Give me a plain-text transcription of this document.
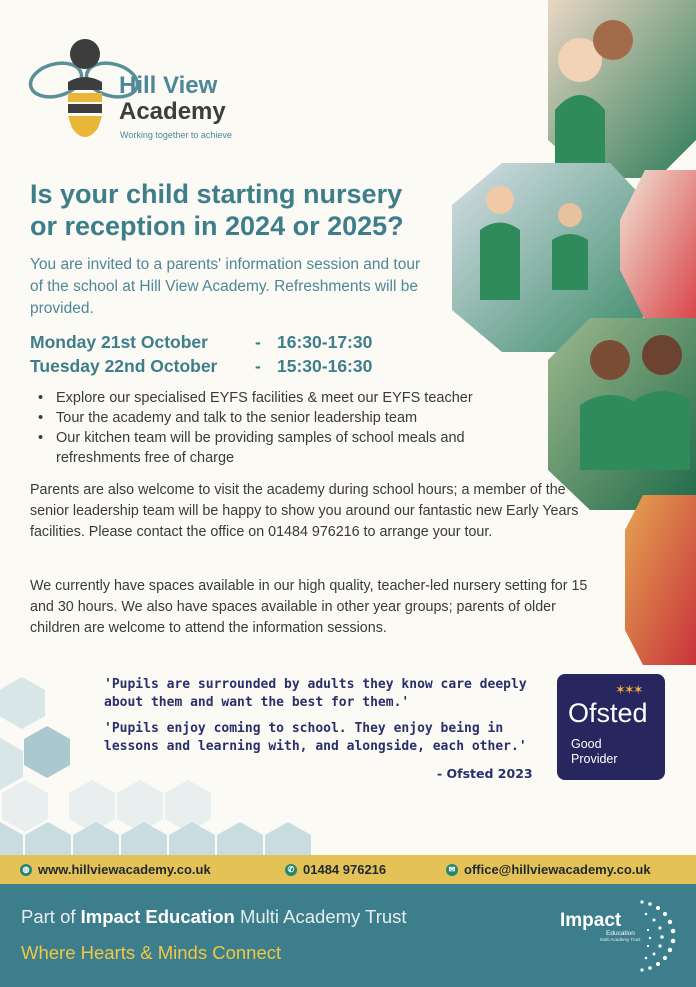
Hill View
Academy
Working together to achieve
Is your child starting nursery or reception in 2024 or 2025?

You are invited to a parents' information session and tour of the school at Hill View Academy. Refreshments will be provided.

Monday 21st October	- 16:30-17:30
Tuesday 22nd October	- 15:30-16:30
• Explore our specialised EYFS facilities & meet our EYFS teacher
• Tour the academy and talk to the senior leadership team
• Our kitchen team will be providing samples of school meals and refreshments free of charge

Parents are also welcome to visit the academy during school hours; a member of the senior leadership team will be happy to show you around our fantastic new Early Years facilities. Please contact the office on 01484 976216 to arrange your tour.

We currently have spaces available in our high quality, teacher-led nursery setting for 15 and 30 hours. We also have spaces available in other year groups; parents of older children are welcome to attend the information sessions.

'Pupils are surrounded by adults they know care deeply about them and want the best for them.'

'Pupils enjoy coming to school. They enjoy being in lessons and learning with, and alongside, each other.'

- Ofsted 2023
✶✶✶
Ofsted
Good
Provider
◍ www.hillviewacademy.co.uk	✆ 01484 976216	✉ office@hillviewacademy.co.uk
Part of Impact Education Multi Academy Trust
Where Hearts & Minds Connect
Impact
Education
Multi Academy Trust
